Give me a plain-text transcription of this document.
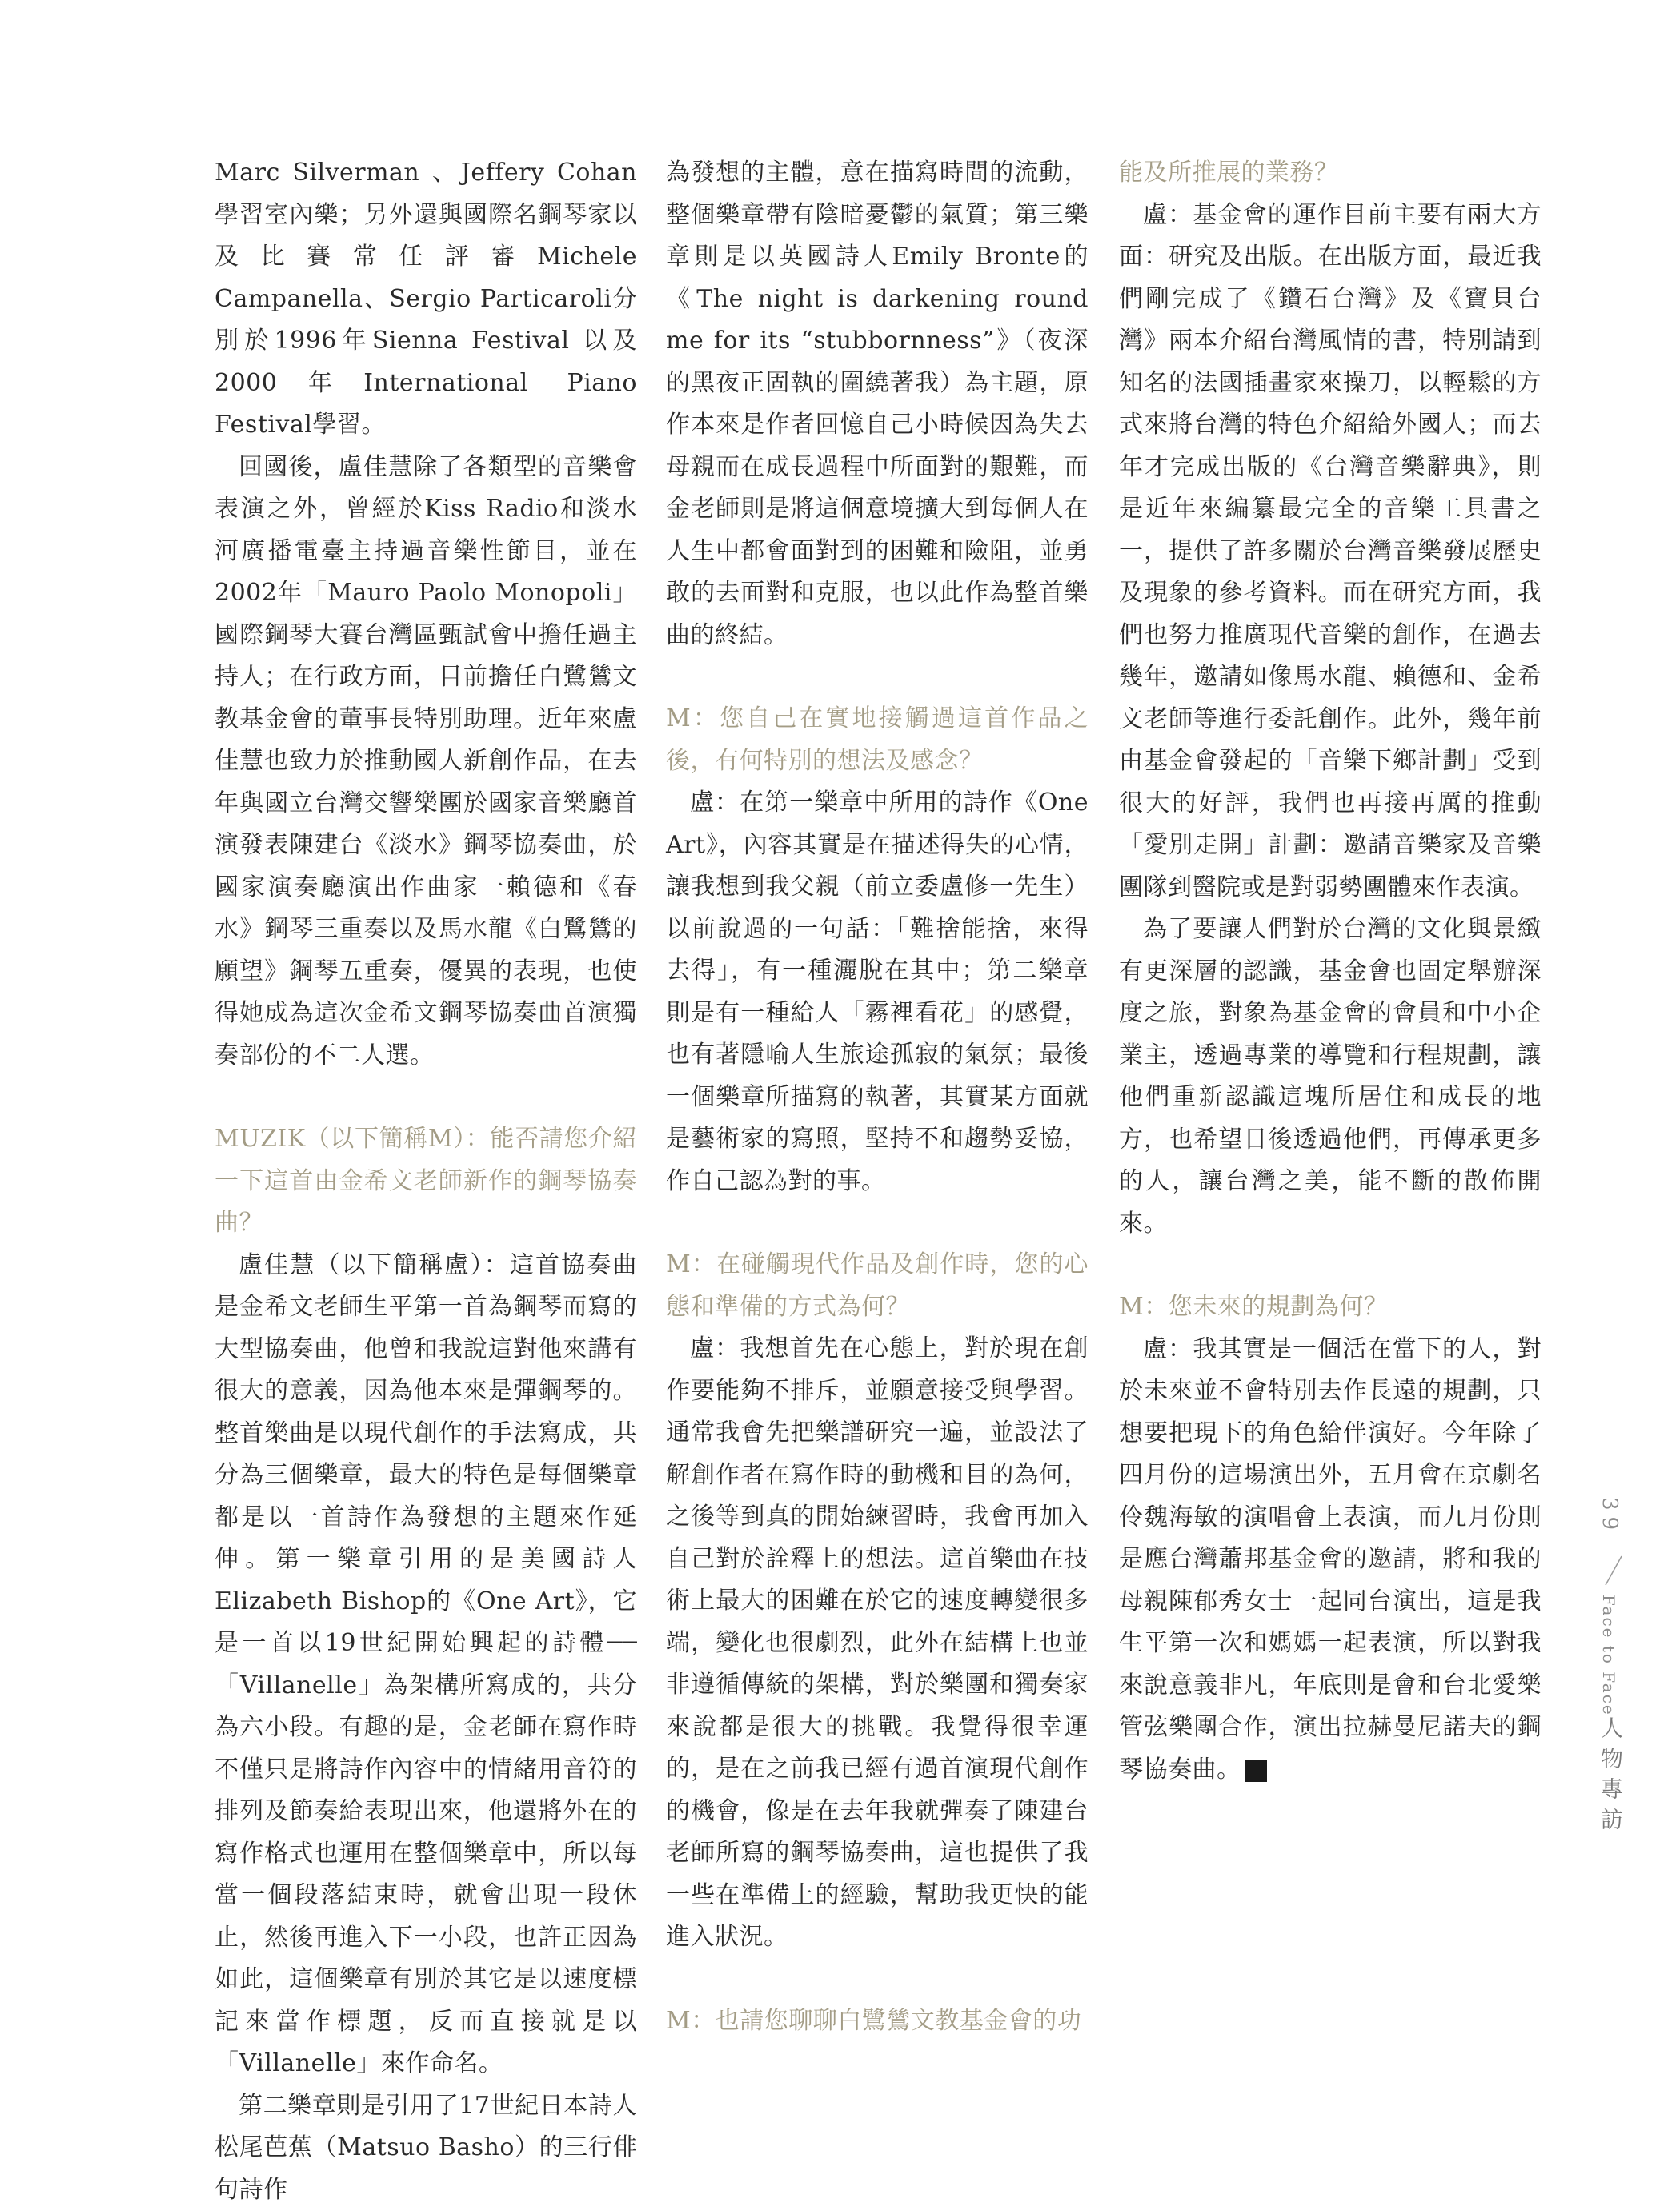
Marc Silverman 、Jeffery Cohan學習室內樂；另外還與國際名鋼琴家以及比賽常任評審Michele Campanella、Sergio Particaroli分別於1996年Sienna Festival 以及2000年International Piano Festival學習。

回國後，盧佳慧除了各類型的音樂會表演之外，曾經於Kiss Radio和淡水河廣播電臺主持過音樂性節目，並在2002年「Mauro Paolo Monopoli」國際鋼琴大賽台灣區甄試會中擔任過主持人；在行政方面，目前擔任白鷺鷥文教基金會的董事長特別助理。近年來盧佳慧也致力於推動國人新創作品，在去年與國立台灣交響樂團於國家音樂廳首演發表陳建台《淡水》鋼琴協奏曲，於國家演奏廳演出作曲家一賴德和《春水》鋼琴三重奏以及馬水龍《白鷺鷥的願望》鋼琴五重奏，優異的表現，也使得她成為這次金希文鋼琴協奏曲首演獨奏部份的不二人選。

MUZIK（以下簡稱M）：能否請您介紹一下這首由金希文老師新作的鋼琴協奏曲？

盧佳慧（以下簡稱盧）：這首協奏曲是金希文老師生平第一首為鋼琴而寫的大型協奏曲，他曾和我說這對他來講有很大的意義，因為他本來是彈鋼琴的。整首樂曲是以現代創作的手法寫成，共分為三個樂章，最大的特色是每個樂章都是以一首詩作為發想的主題來作延伸。第一樂章引用的是美國詩人Elizabeth Bishop的《One Art》，它是一首以19世紀開始興起的詩體──「Villanelle」為架構所寫成的，共分為六小段。有趣的是，金老師在寫作時不僅只是將詩作內容中的情緒用音符的排列及節奏給表現出來，他還將外在的寫作格式也運用在整個樂章中，所以每當一個段落結束時，就會出現一段休止，然後再進入下一小段，也許正因為如此，這個樂章有別於其它是以速度標記來當作標題，反而直接就是以「Villanelle」來作命名。

第二樂章則是引用了17世紀日本詩人松尾芭蕉（Matsuo Basho）的三行俳句詩作

為發想的主體，意在描寫時間的流動，整個樂章帶有陰暗憂鬱的氣質；第三樂章則是以英國詩人Emily Bronte的《The night is darkening round me for its “stubbornness”》（夜深的黑夜正固執的圍繞著我）為主題，原作本來是作者回憶自己小時候因為失去母親而在成長過程中所面對的艱難，而金老師則是將這個意境擴大到每個人在人生中都會面對到的困難和險阻，並勇敢的去面對和克服，也以此作為整首樂曲的終結。

M：您自己在實地接觸過這首作品之後，有何特別的想法及感念？

盧：在第一樂章中所用的詩作《One Art》，內容其實是在描述得失的心情，讓我想到我父親（前立委盧修一先生）以前說過的一句話：「難捨能捨，來得去得」，有一種灑脫在其中；第二樂章則是有一種給人「霧裡看花」的感覺，也有著隱喻人生旅途孤寂的氣氛；最後一個樂章所描寫的執著，其實某方面就是藝術家的寫照，堅持不和趨勢妥協，作自己認為對的事。

M：在碰觸現代作品及創作時，您的心態和準備的方式為何？

盧：我想首先在心態上，對於現在創作要能夠不排斥，並願意接受與學習。通常我會先把樂譜研究一遍，並設法了解創作者在寫作時的動機和目的為何，之後等到真的開始練習時，我會再加入自己對於詮釋上的想法。這首樂曲在技術上最大的困難在於它的速度轉變很多端，變化也很劇烈，此外在結構上也並非遵循傳統的架構，對於樂團和獨奏家來說都是很大的挑戰。我覺得很幸運的，是在之前我已經有過首演現代創作的機會，像是在去年我就彈奏了陳建台老師所寫的鋼琴協奏曲，這也提供了我一些在準備上的經驗，幫助我更快的能進入狀況。

M：也請您聊聊白鷺鷥文教基金會的功

能及所推展的業務？

盧：基金會的運作目前主要有兩大方面：研究及出版。在出版方面，最近我們剛完成了《鑽石台灣》及《寶貝台灣》兩本介紹台灣風情的書，特別請到知名的法國插畫家來操刀，以輕鬆的方式來將台灣的特色介紹給外國人；而去年才完成出版的《台灣音樂辭典》，則是近年來編纂最完全的音樂工具書之一，提供了許多關於台灣音樂發展歷史及現象的參考資料。而在研究方面，我們也努力推廣現代音樂的創作，在過去幾年，邀請如像馬水龍、賴德和、金希文老師等進行委託創作。此外，幾年前由基金會發起的「音樂下鄉計劃」受到很大的好評，我們也再接再厲的推動「愛別走開」計劃：邀請音樂家及音樂團隊到醫院或是對弱勢團體來作表演。

為了要讓人們對於台灣的文化與景緻有更深層的認識，基金會也固定舉辦深度之旅，對象為基金會的會員和中小企業主，透過專業的導覽和行程規劃，讓他們重新認識這塊所居住和成長的地方，也希望日後透過他們，再傳承更多的人，讓台灣之美，能不斷的散佈開來。

M：您未來的規劃為何？

盧：我其實是一個活在當下的人，對於未來並不會特別去作長遠的規劃，只想要把現下的角色給伴演好。今年除了四月份的這場演出外，五月會在京劇名伶魏海敏的演唱會上表演，而九月份則是應台灣蕭邦基金會的邀請，將和我的母親陳郁秀女士一起同台演出，這是我生平第一次和媽媽一起表演，所以對我來說意義非凡，年底則是會和台北愛樂管弦樂團合作，演出拉赫曼尼諾夫的鋼琴協奏曲。	M

39
Face to Face
人物專訪
